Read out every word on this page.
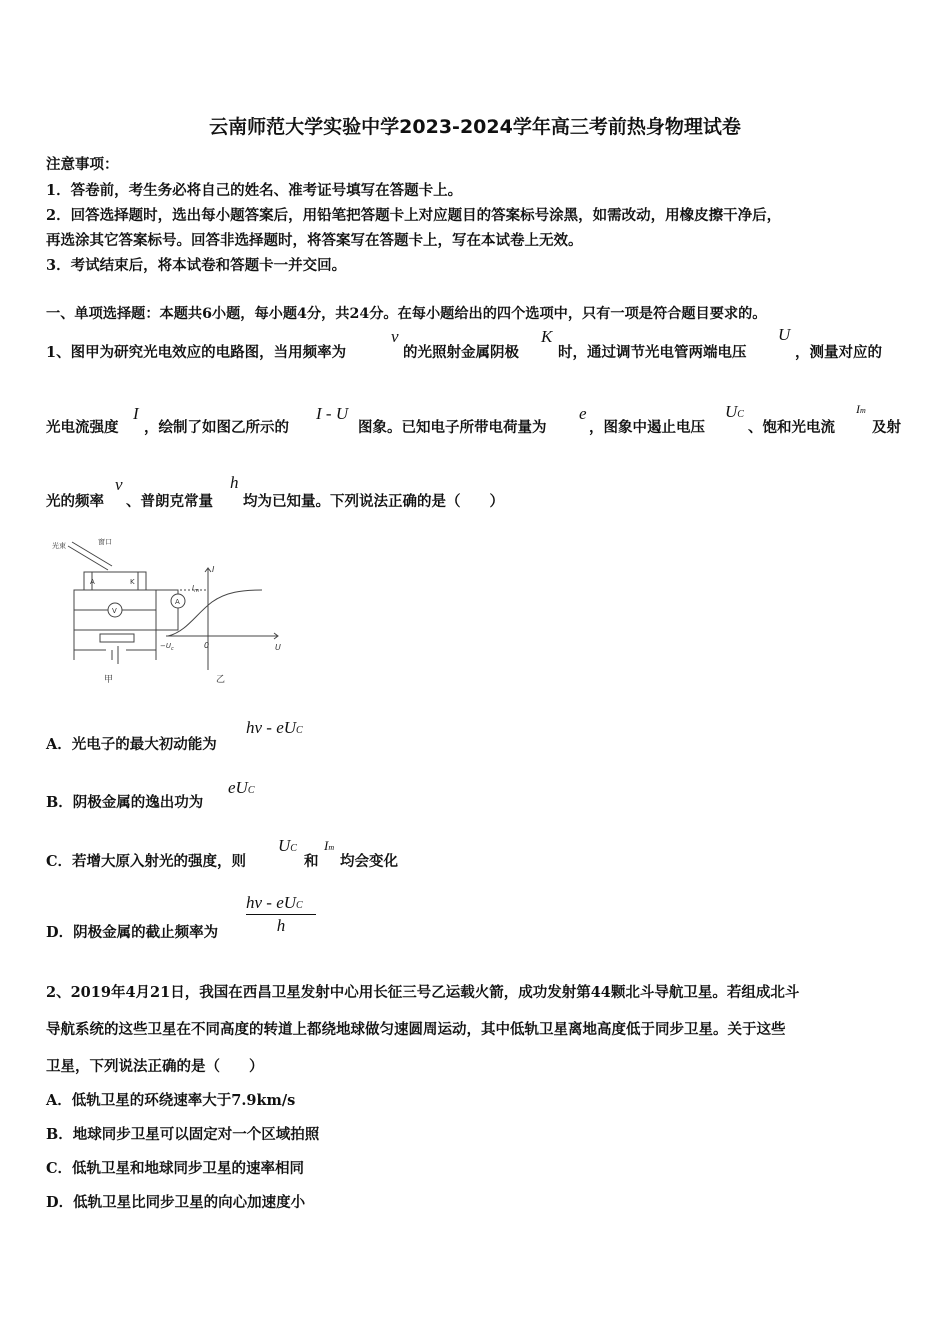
云南师范大学实验中学2023-2024学年高三考前热身物理试卷
注意事项：
1．答卷前，考生务必将自己的姓名、准考证号填写在答题卡上。
2．回答选择题时，选出每小题答案后，用铅笔把答题卡上对应题目的答案标号涂黑，如需改动，用橡皮擦干净后，
再选涂其它答案标号。回答非选择题时，将答案写在答题卡上，写在本试卷上无效。
3．考试结束后，将本试卷和答题卡一并交回。
一、单项选择题：本题共6小题，每小题4分，共24分。在每小题给出的四个选项中，只有一项是符合题目要求的。
1、图甲为研究光电效应的电路图，当用频率为
v
的光照射金属阴极
K
时，通过调节光电管两端电压
U
，测量对应的
光电流强度
I
，绘制了如图乙所示的
I - U
图象。已知电子所带电荷量为
e
，图象中遏止电压
UC
、饱和光电流
Im
及射
光的频率
v
、普朗克常量
h
均为已知量。下列说法正确的是（　　）
光束	窗口
A	K
V
A
I
$I_m$
U
0
$-U_c$
甲	乙
A．光电子的最大初动能为
hν - eUC
B．阴极金属的逸出功为
eUC
C．若增大原入射光的强度，则
UC
和
Im
均会变化
D．阴极金属的截止频率为
hν - eUC
h
2、2019年4月21日，我国在西昌卫星发射中心用长征三号乙运载火箭，成功发射第44颗北斗导航卫星。若组成北斗
导航系统的这些卫星在不同高度的转道上都绕地球做匀速圆周运动，其中低轨卫星离地高度低于同步卫星。关于这些
卫星，下列说法正确的是（　　）
A．低轨卫星的环绕速率大于7.9km/s
B．地球同步卫星可以固定对一个区域拍照
C．低轨卫星和地球同步卫星的速率相同
D．低轨卫星比同步卫星的向心加速度小
